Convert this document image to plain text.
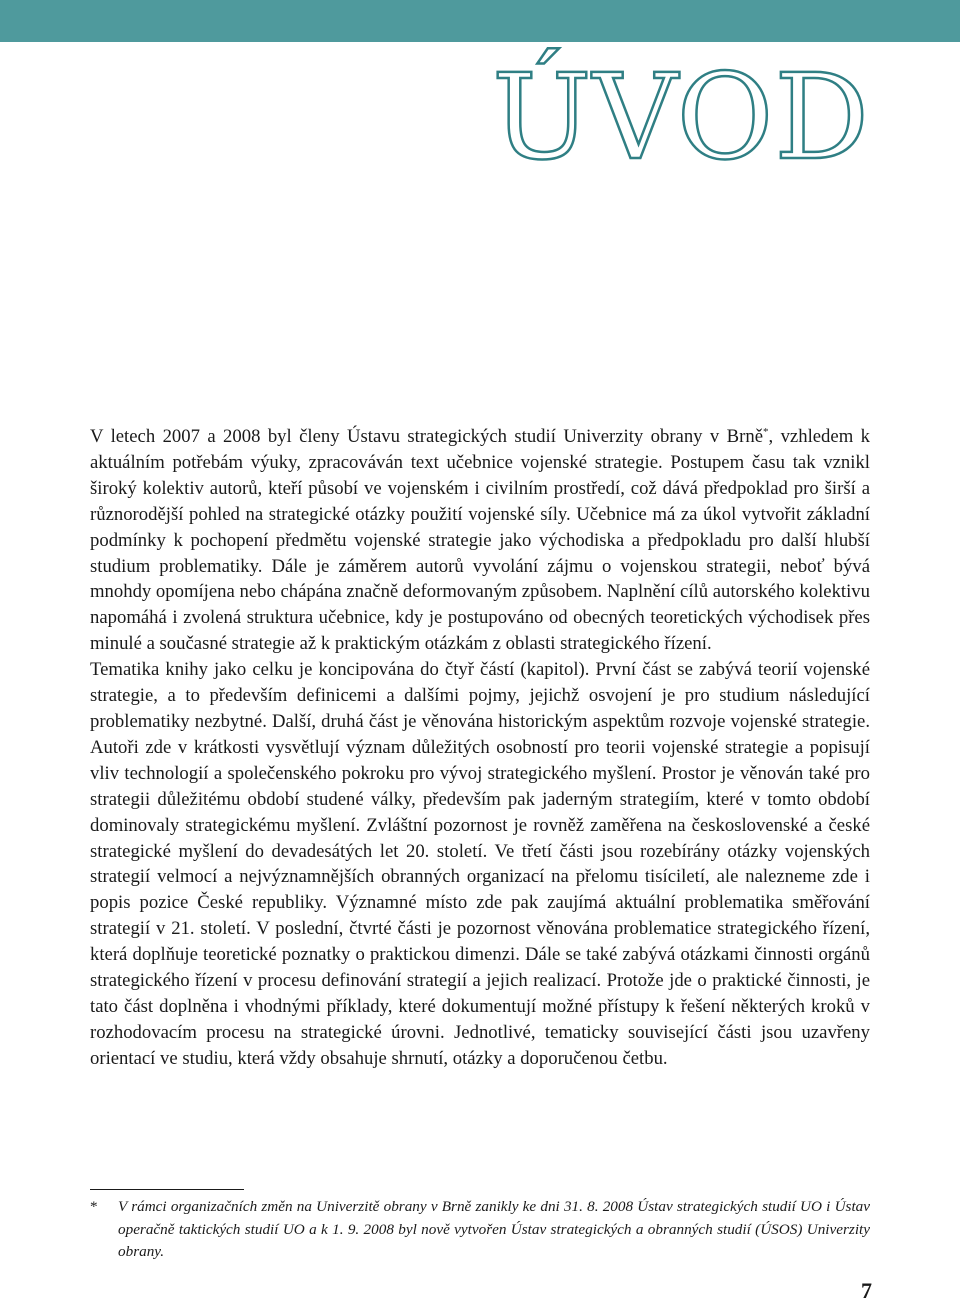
ÚVOD

V letech 2007 a 2008 byl členy Ústavu strategických studií Univerzity obrany v Brně*, vzhledem k aktuálním potřebám výuky, zpracováván text učebnice vojenské strategie. Postupem času tak vznikl široký kolektiv autorů, kteří působí ve vojenském i civilním prostředí, což dává předpoklad pro širší a různorodější pohled na strategické otázky použití vojenské síly. Učebnice má za úkol vytvořit základní podmínky k pochopení předmětu vojenské strategie jako východiska a předpokladu pro další hlubší studium problematiky. Dále je záměrem autorů vyvolání zájmu o vojenskou strategii, neboť bývá mnohdy opomíjena nebo chápána značně deformovaným způsobem. Naplnění cílů autorského kolektivu napomáhá i zvolená struktura učebnice, kdy je postupováno od obecných teoretických východisek přes minulé a současné strategie až k praktickým otázkám z oblasti strategického řízení.

Tematika knihy jako celku je koncipována do čtyř částí (kapitol). První část se zabývá teorií vojenské strategie, a to především definicemi a dalšími pojmy, jejichž osvojení je pro studium následující problematiky nezbytné. Další, druhá část je věnována historickým aspektům rozvoje vojenské strategie. Autoři zde v krátkosti vysvětlují význam důležitých osobností pro teorii vojenské strategie a popisují vliv technologií a společenského pokroku pro vývoj strategického myšlení. Prostor je věnován také pro strategii důležitému období studené války, především pak jaderným strategiím, které v tomto období dominovaly strategickému myšlení. Zvláštní pozornost je rovněž zaměřena na československé a české strategické myšlení do devadesátých let 20. století. Ve třetí části jsou rozebírány otázky vojenských strategií velmocí a nejvýznamnějších obranných organizací na přelomu tisíciletí, ale nalezneme zde i popis pozice České republiky. Významné místo zde pak zaujímá aktuální problematika směřování strategií v 21. století. V poslední, čtvrté části je pozornost věnována problematice strategického řízení, která doplňuje teoretické poznatky o praktickou dimenzi. Dále se také zabývá otázkami činnosti orgánů strategického řízení v procesu definování strategií a jejich realizací. Protože jde o praktické činnosti, je tato část doplněna i vhodnými příklady, které dokumentují možné přístupy k řešení některých kroků v rozhodovacím procesu na strategické úrovni. Jednotlivé, tematicky související části jsou uzavřeny orientací ve studiu, která vždy obsahuje shrnutí, otázky a doporučenou četbu.

* V rámci organizačních změn na Univerzitě obrany v Brně zanikly ke dni 31. 8. 2008 Ústav strategických studií UO i Ústav operačně taktických studií UO a k 1. 9. 2008 byl nově vytvořen Ústav strategických a obranných studií (ÚSOS) Univerzity obrany.
7
